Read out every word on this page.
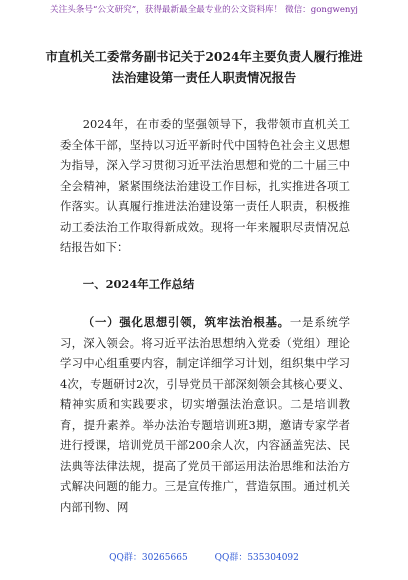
关注头条号“公文研究”，获得最新最全最专业的公文资料库！ 微信：gongwenyj
市直机关工委常务副书记关于2024年主要负责人履行推进
法治建设第一责任人职责情况报告

2024年，在市委的坚强领导下，我带领市直机关工委全体干部，坚持以习近平新时代中国特色社会主义思想为指导，深入学习贯彻习近平法治思想和党的二十届三中全会精神，紧紧围绕法治建设工作目标，扎实推进各项工作落实。认真履行推进法治建设第一责任人职责，积极推动工委法治工作取得新成效。现将一年来履职尽责情况总结报告如下：

一、2024年工作总结

（一）强化思想引领，筑牢法治根基。一是系统学习，深入领会。将习近平法治思想纳入党委（党组）理论学习中心组重要内容，制定详细学习计划，组织集中学习4次，专题研讨2次，引导党员干部深刻领会其核心要义、精神实质和实践要求，切实增强法治意识。二是培训教育，提升素养。举办法治专题培训班3期，邀请专家学者进行授课，培训党员干部200余人次，内容涵盖宪法、民法典等法律法规，提高了党员干部运用法治思维和法治方式解决问题的能力。三是宣传推广，营造氛围。通过机关内部刊物、网

QQ群：30265665	QQ群：535304092
